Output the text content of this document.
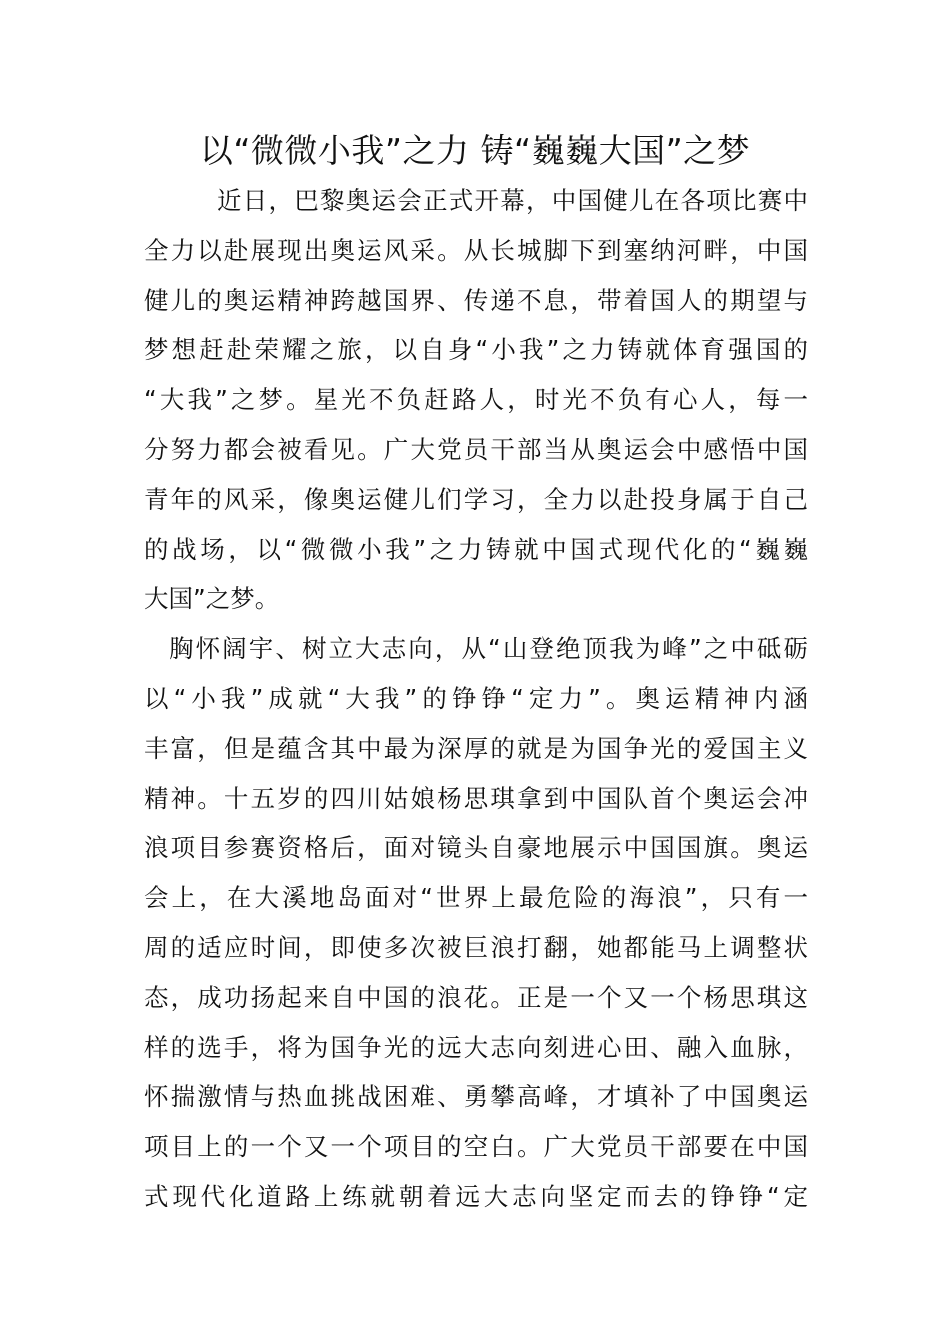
以“微微小我”之力 铸“巍巍大国”之梦
近日，巴黎奥运会正式开幕，中国健儿在各项比赛中
全力以赴展现出奥运风采。从长城脚下到塞纳河畔，中国
健儿的奥运精神跨越国界、传递不息，带着国人的期望与
梦想赶赴荣耀之旅，以自身“小我”之力铸就体育强国的
“大我”之梦。星光不负赶路人，时光不负有心人，每一
分努力都会被看见。广大党员干部当从奥运会中感悟中国
青年的风采，像奥运健儿们学习，全力以赴投身属于自己
的战场，以“微微小我”之力铸就中国式现代化的“巍巍
大国”之梦。
胸怀阔宇、树立大志向，从“山登绝顶我为峰”之中砥砺
以“小我”成就“大我”的铮铮“定力”。奥运精神内涵
丰富，但是蕴含其中最为深厚的就是为国争光的爱国主义
精神。十五岁的四川姑娘杨思琪拿到中国队首个奥运会冲
浪项目参赛资格后，面对镜头自豪地展示中国国旗。奥运
会上，在大溪地岛面对“世界上最危险的海浪”，只有一
周的适应时间，即使多次被巨浪打翻，她都能马上调整状
态，成功扬起来自中国的浪花。正是一个又一个杨思琪这
样的选手，将为国争光的远大志向刻进心田、融入血脉，
怀揣激情与热血挑战困难、勇攀高峰，才填补了中国奥运
项目上的一个又一个项目的空白。广大党员干部要在中国
式现代化道路上练就朝着远大志向坚定而去的铮铮“定
